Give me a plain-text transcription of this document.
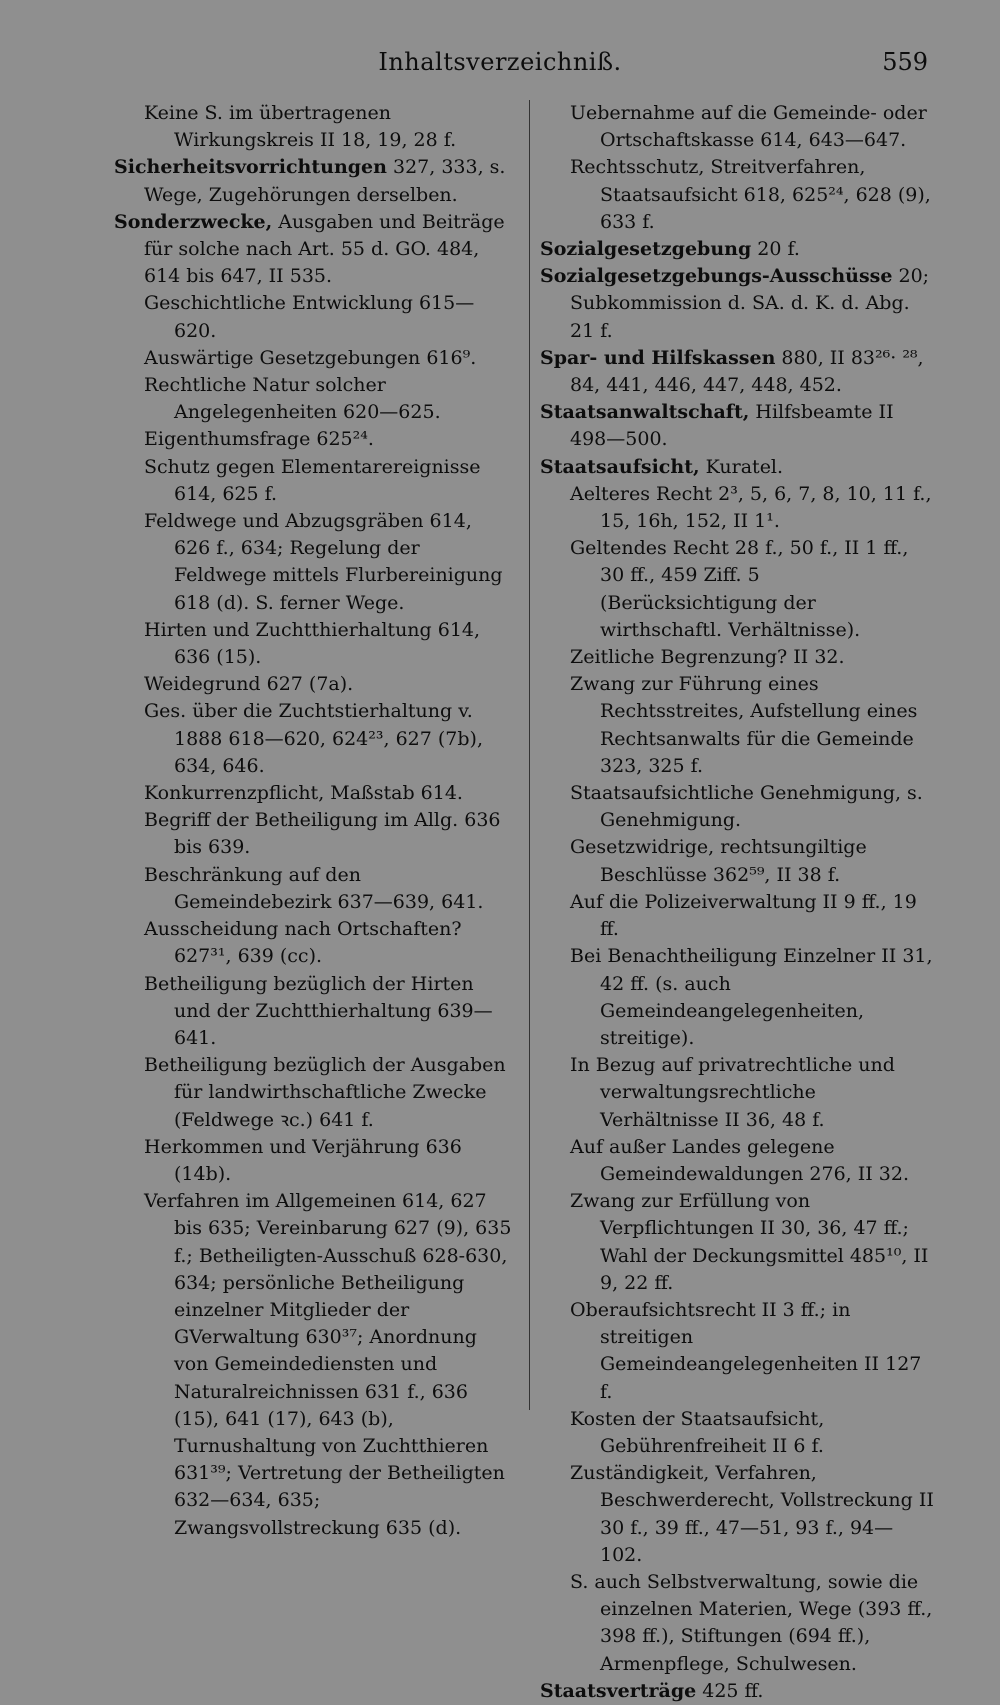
Inhaltsverzeichniß.	559

Keine S. im übertragenen Wirkungskreis II 18, 19, 28 f.

Sicherheitsvorrichtungen 327, 333, s. Wege, Zugehörungen derselben.

Sonderzwecke, Ausgaben und Beiträge für solche nach Art. 55 d. GO. 484, 614 bis 647, II 535.

Geschichtliche Entwicklung 615—620.

Auswärtige Gesetzgebungen 616⁹.

Rechtliche Natur solcher Angelegenheiten 620—625.

Eigenthumsfrage 625²⁴.

Schutz gegen Elementarereignisse 614, 625 f.

Feldwege und Abzugsgräben 614, 626 f., 634; Regelung der Feldwege mittels Flurbereinigung 618 (d). S. ferner Wege.

Hirten und Zuchtthierhaltung 614, 636 (15).

Weidegrund 627 (7a).

Ges. über die Zuchtstierhaltung v. 1888 618—620, 624²³, 627 (7b), 634, 646.

Konkurrenzpflicht, Maßstab 614.

Begriff der Betheiligung im Allg. 636 bis 639.

Beschränkung auf den Gemeindebezirk 637—639, 641.

Ausscheidung nach Ortschaften? 627³¹, 639 (cc).

Betheiligung bezüglich der Hirten und der Zuchtthierhaltung 639—641.

Betheiligung bezüglich der Ausgaben für landwirthschaftliche Zwecke (Feldwege ꝛc.) 641 f.

Herkommen und Verjährung 636 (14b).

Verfahren im Allgemeinen 614, 627 bis 635; Vereinbarung 627 (9), 635 f.; Betheiligten-Ausschuß 628-630, 634; persönliche Betheiligung einzelner Mitglieder der GVerwaltung 630³⁷; Anordnung von Gemeindediensten und Naturalreichnissen 631 f., 636 (15), 641 (17), 643 (b), Turnushaltung von Zuchtthieren 631³⁹; Vertretung der Betheiligten 632—634, 635; Zwangsvollstreckung 635 (d).

Uebernahme auf die Gemeinde- oder Ortschaftskasse 614, 643—647.

Rechtsschutz, Streitverfahren, Staatsaufsicht 618, 625²⁴, 628 (9), 633 f.

Sozialgesetzgebung 20 f.

Sozialgesetzgebungs-Ausschüsse 20; Subkommission d. SA. d. K. d. Abg. 21 f.

Spar- und Hilfskassen 880, II 83²⁶· ²⁸, 84, 441, 446, 447, 448, 452.

Staatsanwaltschaft, Hilfsbeamte II 498—500.

Staatsaufsicht, Kuratel.

Aelteres Recht 2³, 5, 6, 7, 8, 10, 11 f., 15, 16h, 152, II 1¹.

Geltendes Recht 28 f., 50 f., II 1 ff., 30 ff., 459 Ziff. 5 (Berücksichtigung der wirthschaftl. Verhältnisse).

Zeitliche Begrenzung? II 32.

Zwang zur Führung eines Rechtsstreites, Aufstellung eines Rechtsanwalts für die Gemeinde 323, 325 f.

Staatsaufsichtliche Genehmigung, s. Genehmigung.

Gesetzwidrige, rechtsungiltige Beschlüsse 362⁵⁹, II 38 f.

Auf die Polizeiverwaltung II 9 ff., 19 ff.

Bei Benachtheiligung Einzelner II 31, 42 ff. (s. auch Gemeindeangelegenheiten, streitige).

In Bezug auf privatrechtliche und verwaltungsrechtliche Verhältnisse II 36, 48 f.

Auf außer Landes gelegene Gemeindewaldungen 276, II 32.

Zwang zur Erfüllung von Verpflichtungen II 30, 36, 47 ff.; Wahl der Deckungsmittel 485¹⁰, II 9, 22 ff.

Oberaufsichtsrecht II 3 ff.; in streitigen Gemeindeangelegenheiten II 127 f.

Kosten der Staatsaufsicht, Gebührenfreiheit II 6 f.

Zuständigkeit, Verfahren, Beschwerderecht, Vollstreckung II 30 f., 39 ff., 47—51, 93 f., 94—102.

S. auch Selbstverwaltung, sowie die einzelnen Materien, Wege (393 ff., 398 ff.), Stiftungen (694 ff.), Armenpflege, Schulwesen.

Staatsverträge 425 ff.
